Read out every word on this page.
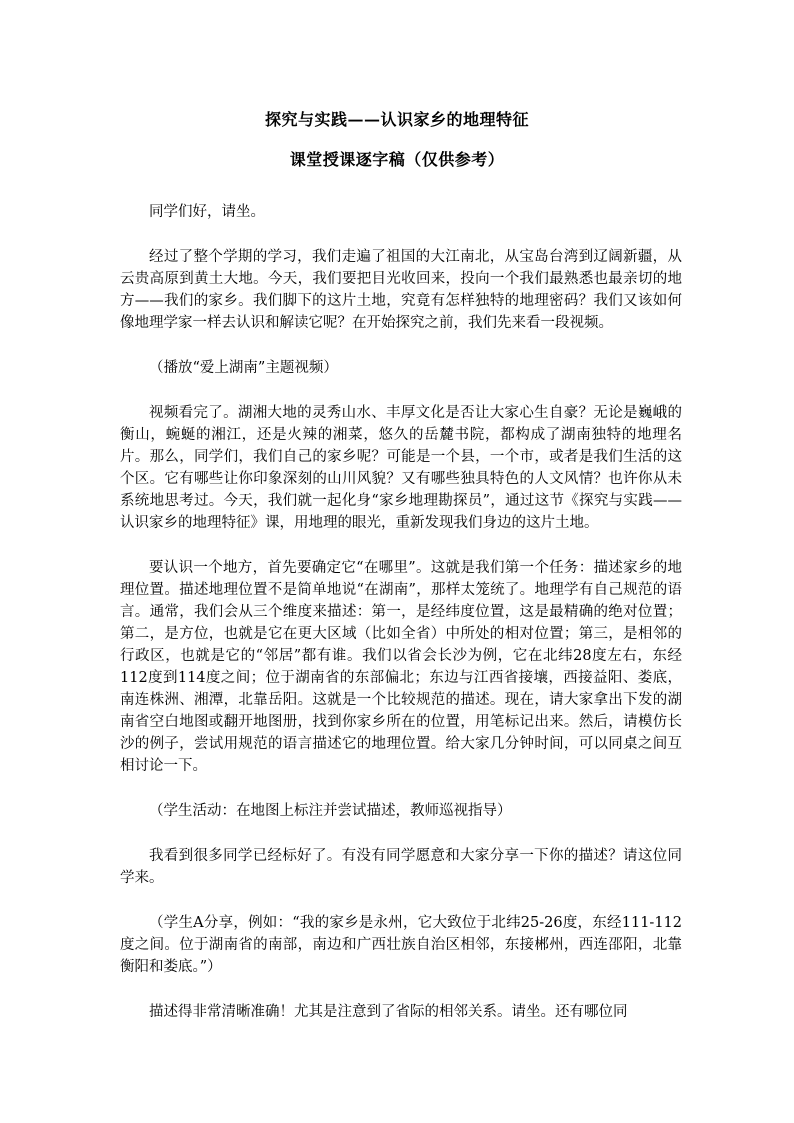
探究与实践——认识家乡的地理特征
课堂授课逐字稿（仅供参考）

同学们好，请坐。

经过了整个学期的学习，我们走遍了祖国的大江南北，从宝岛台湾到辽阔新疆，从云贵高原到黄土大地。今天，我们要把目光收回来，投向一个我们最熟悉也最亲切的地方——我们的家乡。我们脚下的这片土地，究竟有怎样独特的地理密码？我们又该如何像地理学家一样去认识和解读它呢？在开始探究之前，我们先来看一段视频。

（播放“爱上湖南”主题视频）

视频看完了。湖湘大地的灵秀山水、丰厚文化是否让大家心生自豪？无论是巍峨的衡山，蜿蜒的湘江，还是火辣的湘菜，悠久的岳麓书院，都构成了湖南独特的地理名片。那么，同学们，我们自己的家乡呢？可能是一个县，一个市，或者是我们生活的这个区。它有哪些让你印象深刻的山川风貌？又有哪些独具特色的人文风情？也许你从未系统地思考过。今天，我们就一起化身“家乡地理勘探员”，通过这节《探究与实践——认识家乡的地理特征》课，用地理的眼光，重新发现我们身边的这片土地。

要认识一个地方，首先要确定它“在哪里”。这就是我们第一个任务：描述家乡的地理位置。描述地理位置不是简单地说“在湖南”，那样太笼统了。地理学有自己规范的语言。通常，我们会从三个维度来描述：第一，是经纬度位置，这是最精确的绝对位置；第二，是方位，也就是它在更大区域（比如全省）中所处的相对位置；第三，是相邻的行政区，也就是它的“邻居”都有谁。我们以省会长沙为例，它在北纬28度左右，东经112度到114度之间；位于湖南省的东部偏北；东边与江西省接壤，西接益阳、娄底，南连株洲、湘潭，北靠岳阳。这就是一个比较规范的描述。现在，请大家拿出下发的湖南省空白地图或翻开地图册，找到你家乡所在的位置，用笔标记出来。然后，请模仿长沙的例子，尝试用规范的语言描述它的地理位置。给大家几分钟时间，可以同桌之间互相讨论一下。

（学生活动：在地图上标注并尝试描述，教师巡视指导）

我看到很多同学已经标好了。有没有同学愿意和大家分享一下你的描述？请这位同学来。

（学生A分享，例如：“我的家乡是永州，它大致位于北纬25-26度，东经111-112度之间。位于湖南省的南部，南边和广西壮族自治区相邻，东接郴州，西连邵阳，北靠衡阳和娄底。”）

描述得非常清晰准确！尤其是注意到了省际的相邻关系。请坐。还有哪位同
